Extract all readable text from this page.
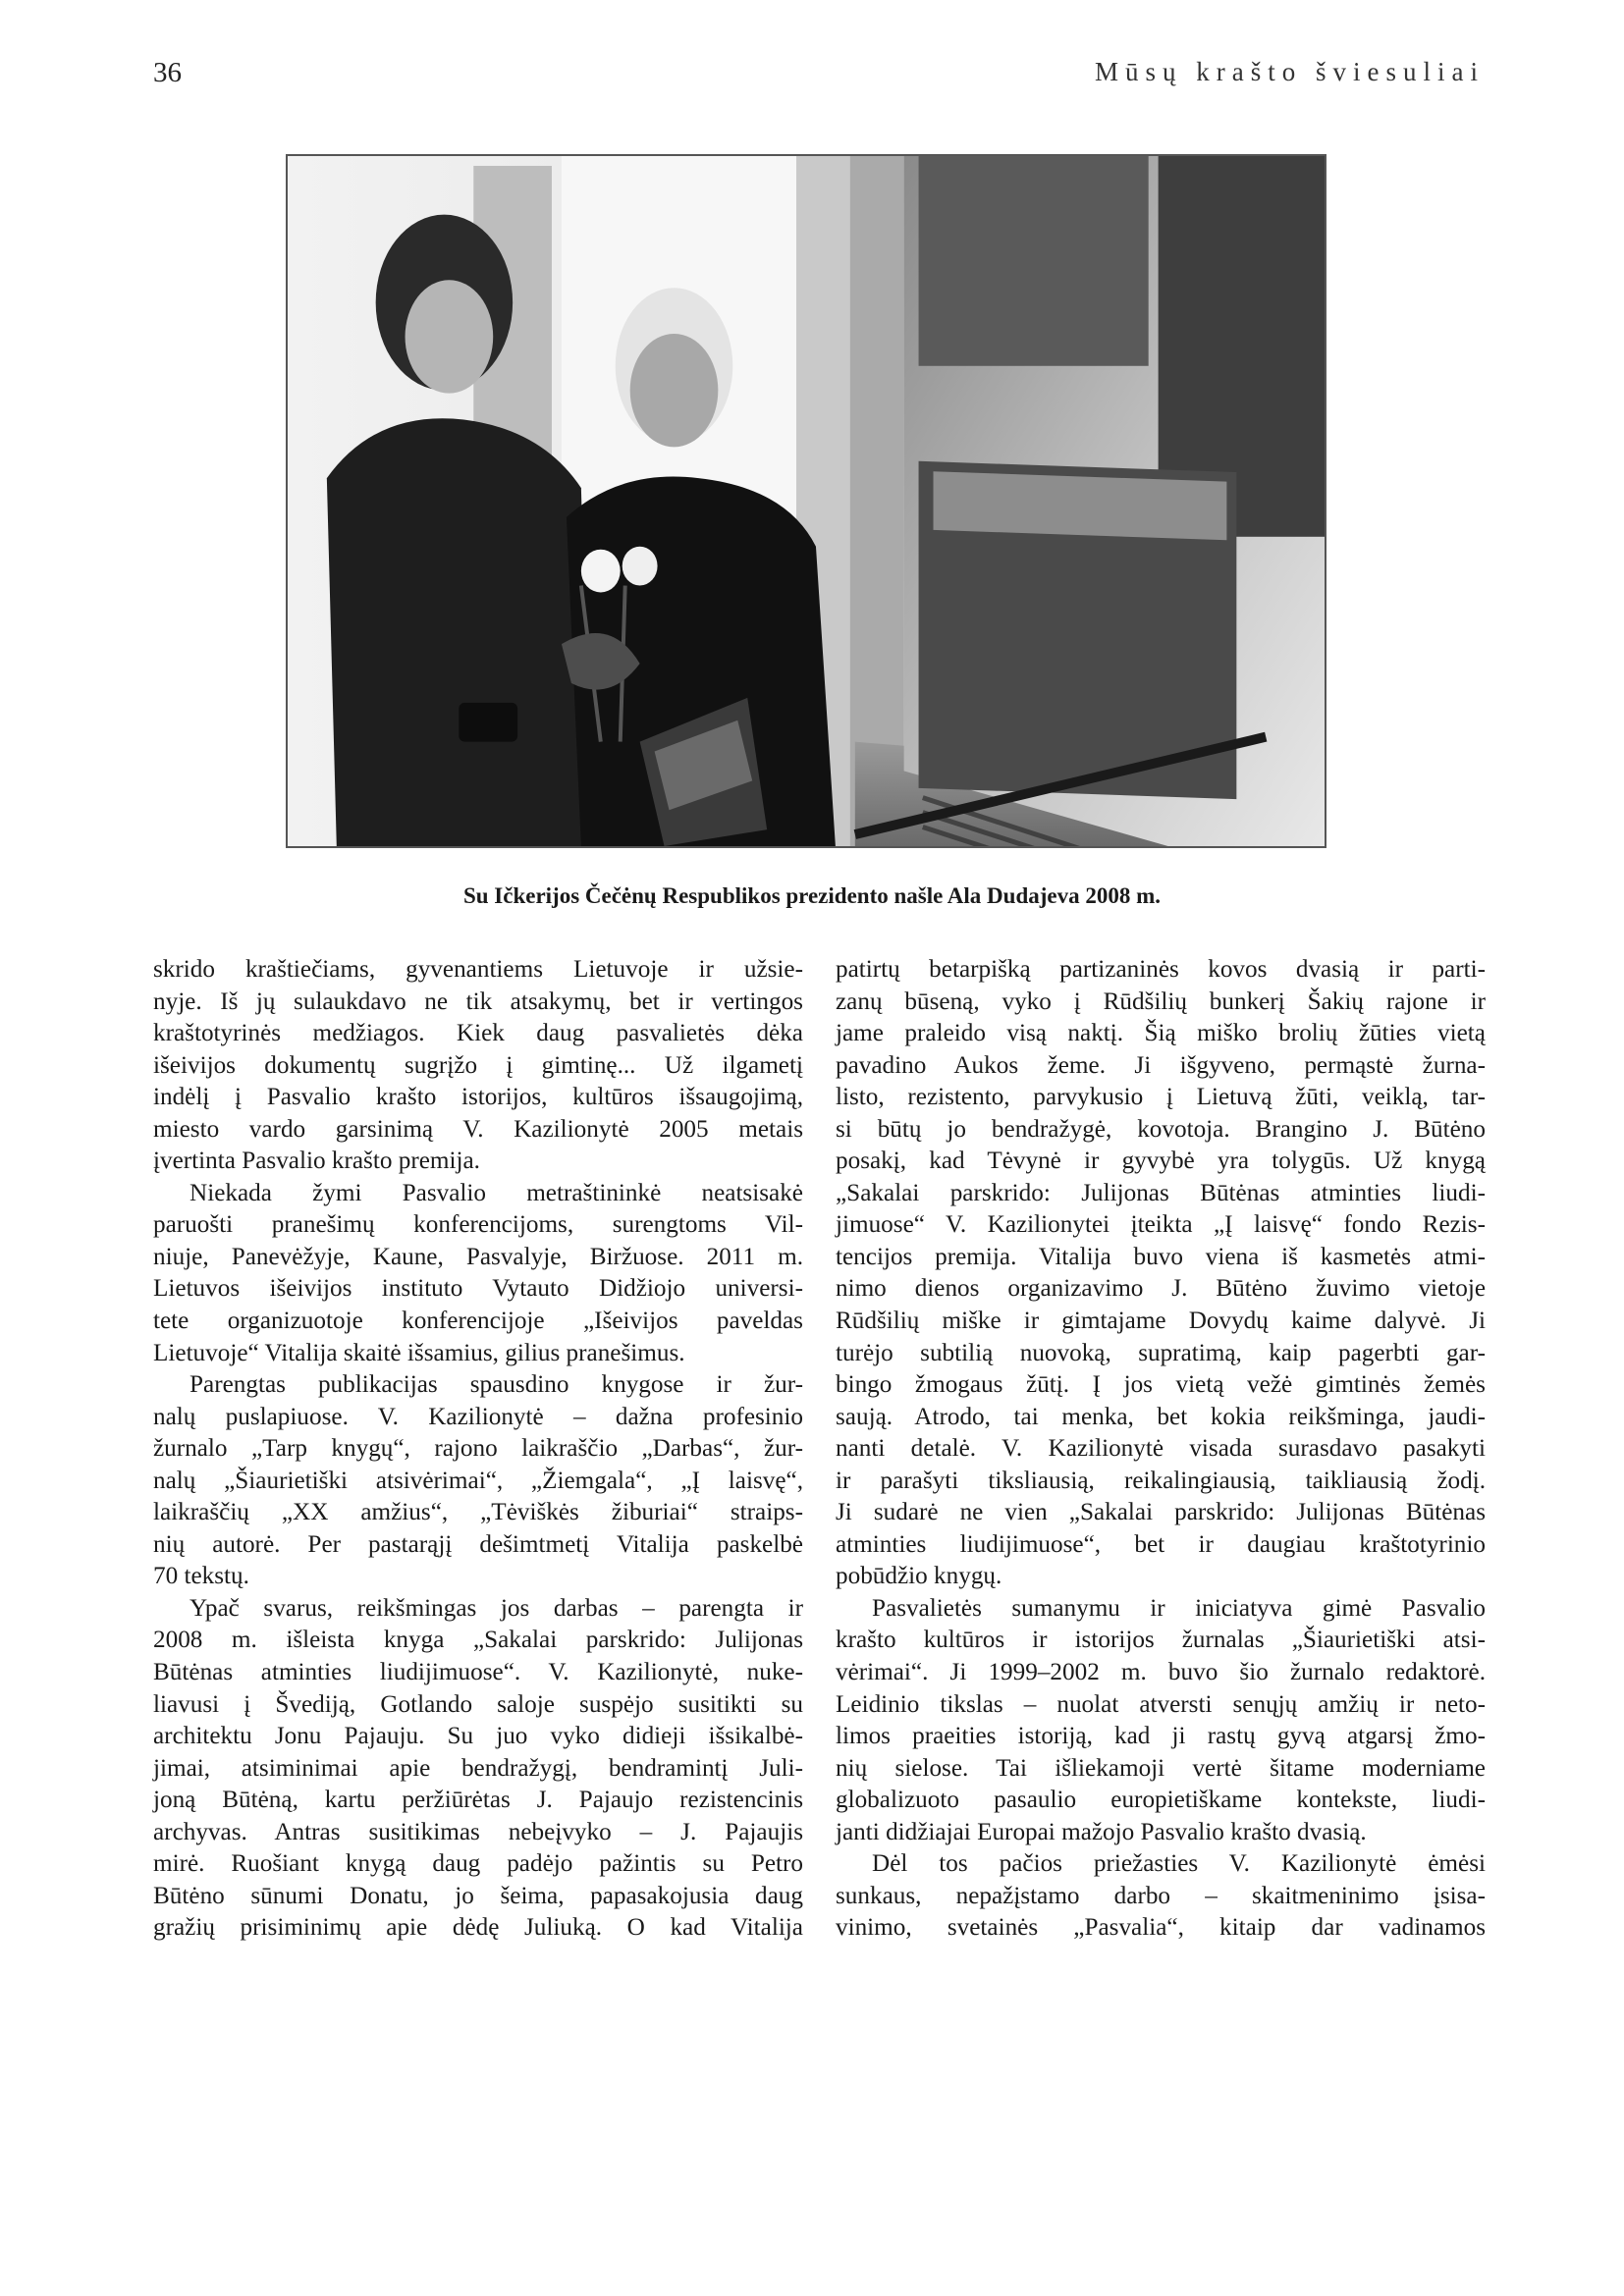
36	Mūsų krašto šviesuliai
Su Ičkerijos Čečėnų Respublikos prezidento našle Ala Dudajeva 2008 m.

skrido kraštiečiams, gyvenantiems Lietuvoje ir užsie-

nyje. Iš jų sulaukdavo ne tik atsakymų, bet ir vertingos

kraštotyrinės medžiagos. Kiek daug pasvalietės dėka

išeivijos dokumentų sugrįžo į gimtinę... Už ilgametį

indėlį į Pasvalio krašto istorijos, kultūros išsaugojimą,

miesto vardo garsinimą V. Kazilionytė 2005 metais

įvertinta Pasvalio krašto premija.

Niekada žymi Pasvalio metraštininkė neatsisakė

paruošti pranešimų konferencijoms, surengtoms Vil-

niuje, Panevėžyje, Kaune, Pasvalyje, Biržuose. 2011 m.

Lietuvos išeivijos instituto Vytauto Didžiojo universi-

tete organizuotoje konferencijoje „Išeivijos paveldas

Lietuvoje“ Vitalija skaitė išsamius, gilius pranešimus.

Parengtas publikacijas spausdino knygose ir žur-

nalų puslapiuose. V. Kazilionytė – dažna profesinio

žurnalo „Tarp knygų“, rajono laikraščio „Darbas“, žur-

nalų „Šiaurietiški atsivėrimai“, „Žiemgala“, „Į laisvę“,

laikraščių „XX amžius“, „Tėviškės žiburiai“ straips-

nių autorė. Per pastarąjį dešimtmetį Vitalija paskelbė

70 tekstų.

Ypač svarus, reikšmingas jos darbas – parengta ir

2008 m. išleista knyga „Sakalai parskrido: Julijonas

Būtėnas atminties liudijimuose“. V. Kazilionytė, nuke-

liavusi į Švediją, Gotlando saloje suspėjo susitikti su

architektu Jonu Pajauju. Su juo vyko didieji išsikalbė-

jimai, atsiminimai apie bendražygį, bendramintį Juli-

joną Būtėną, kartu peržiūrėtas J. Pajaujo rezistencinis

archyvas. Antras susitikimas nebeįvyko – J. Pajaujis

mirė. Ruošiant knygą daug padėjo pažintis su Petro

Būtėno sūnumi Donatu, jo šeima, papasakojusia daug

gražių prisiminimų apie dėdę Juliuką. O kad Vitalija

patirtų betarpišką partizaninės kovos dvasią ir parti-

zanų būseną, vyko į Rūdšilių bunkerį Šakių rajone ir

jame praleido visą naktį. Šią miško brolių žūties vietą

pavadino Aukos žeme. Ji išgyveno, permąstė žurna-

listo, rezistento, parvykusio į Lietuvą žūti, veiklą, tar-

si būtų jo bendražygė, kovotoja. Brangino J. Būtėno

posakį, kad Tėvynė ir gyvybė yra tolygūs. Už knygą

„Sakalai parskrido: Julijonas Būtėnas atminties liudi-

jimuose“ V. Kazilionytei įteikta „Į laisvę“ fondo Rezis-

tencijos premija. Vitalija buvo viena iš kasmetės atmi-

nimo dienos organizavimo J. Būtėno žuvimo vietoje

Rūdšilių miške ir gimtajame Dovydų kaime dalyvė. Ji

turėjo subtilią nuovoką, supratimą, kaip pagerbti gar-

bingo žmogaus žūtį. Į jos vietą vežė gimtinės žemės

saują. Atrodo, tai menka, bet kokia reikšminga, jaudi-

nanti detalė. V. Kazilionytė visada surasdavo pasakyti

ir parašyti tiksliausią, reikalingiausią, taikliausią žodį.

Ji sudarė ne vien „Sakalai parskrido: Julijonas Būtėnas

atminties liudijimuose“, bet ir daugiau kraštotyrinio

pobūdžio knygų.

Pasvalietės sumanymu ir iniciatyva gimė Pasvalio

krašto kultūros ir istorijos žurnalas „Šiaurietiški atsi-

vėrimai“. Ji 1999–2002 m. buvo šio žurnalo redaktorė.

Leidinio tikslas – nuolat atversti senųjų amžių ir neto-

limos praeities istoriją, kad ji rastų gyvą atgarsį žmo-

nių sielose. Tai išliekamoji vertė šitame moderniame

globalizuoto pasaulio europietiškame kontekste, liudi-

janti didžiajai Europai mažojo Pasvalio krašto dvasią.

Dėl tos pačios priežasties V. Kazilionytė ėmėsi

sunkaus, nepažįstamo darbo – skaitmeninimo įsisa-

vinimo, svetainės „Pasvalia“, kitaip dar vadinamos
